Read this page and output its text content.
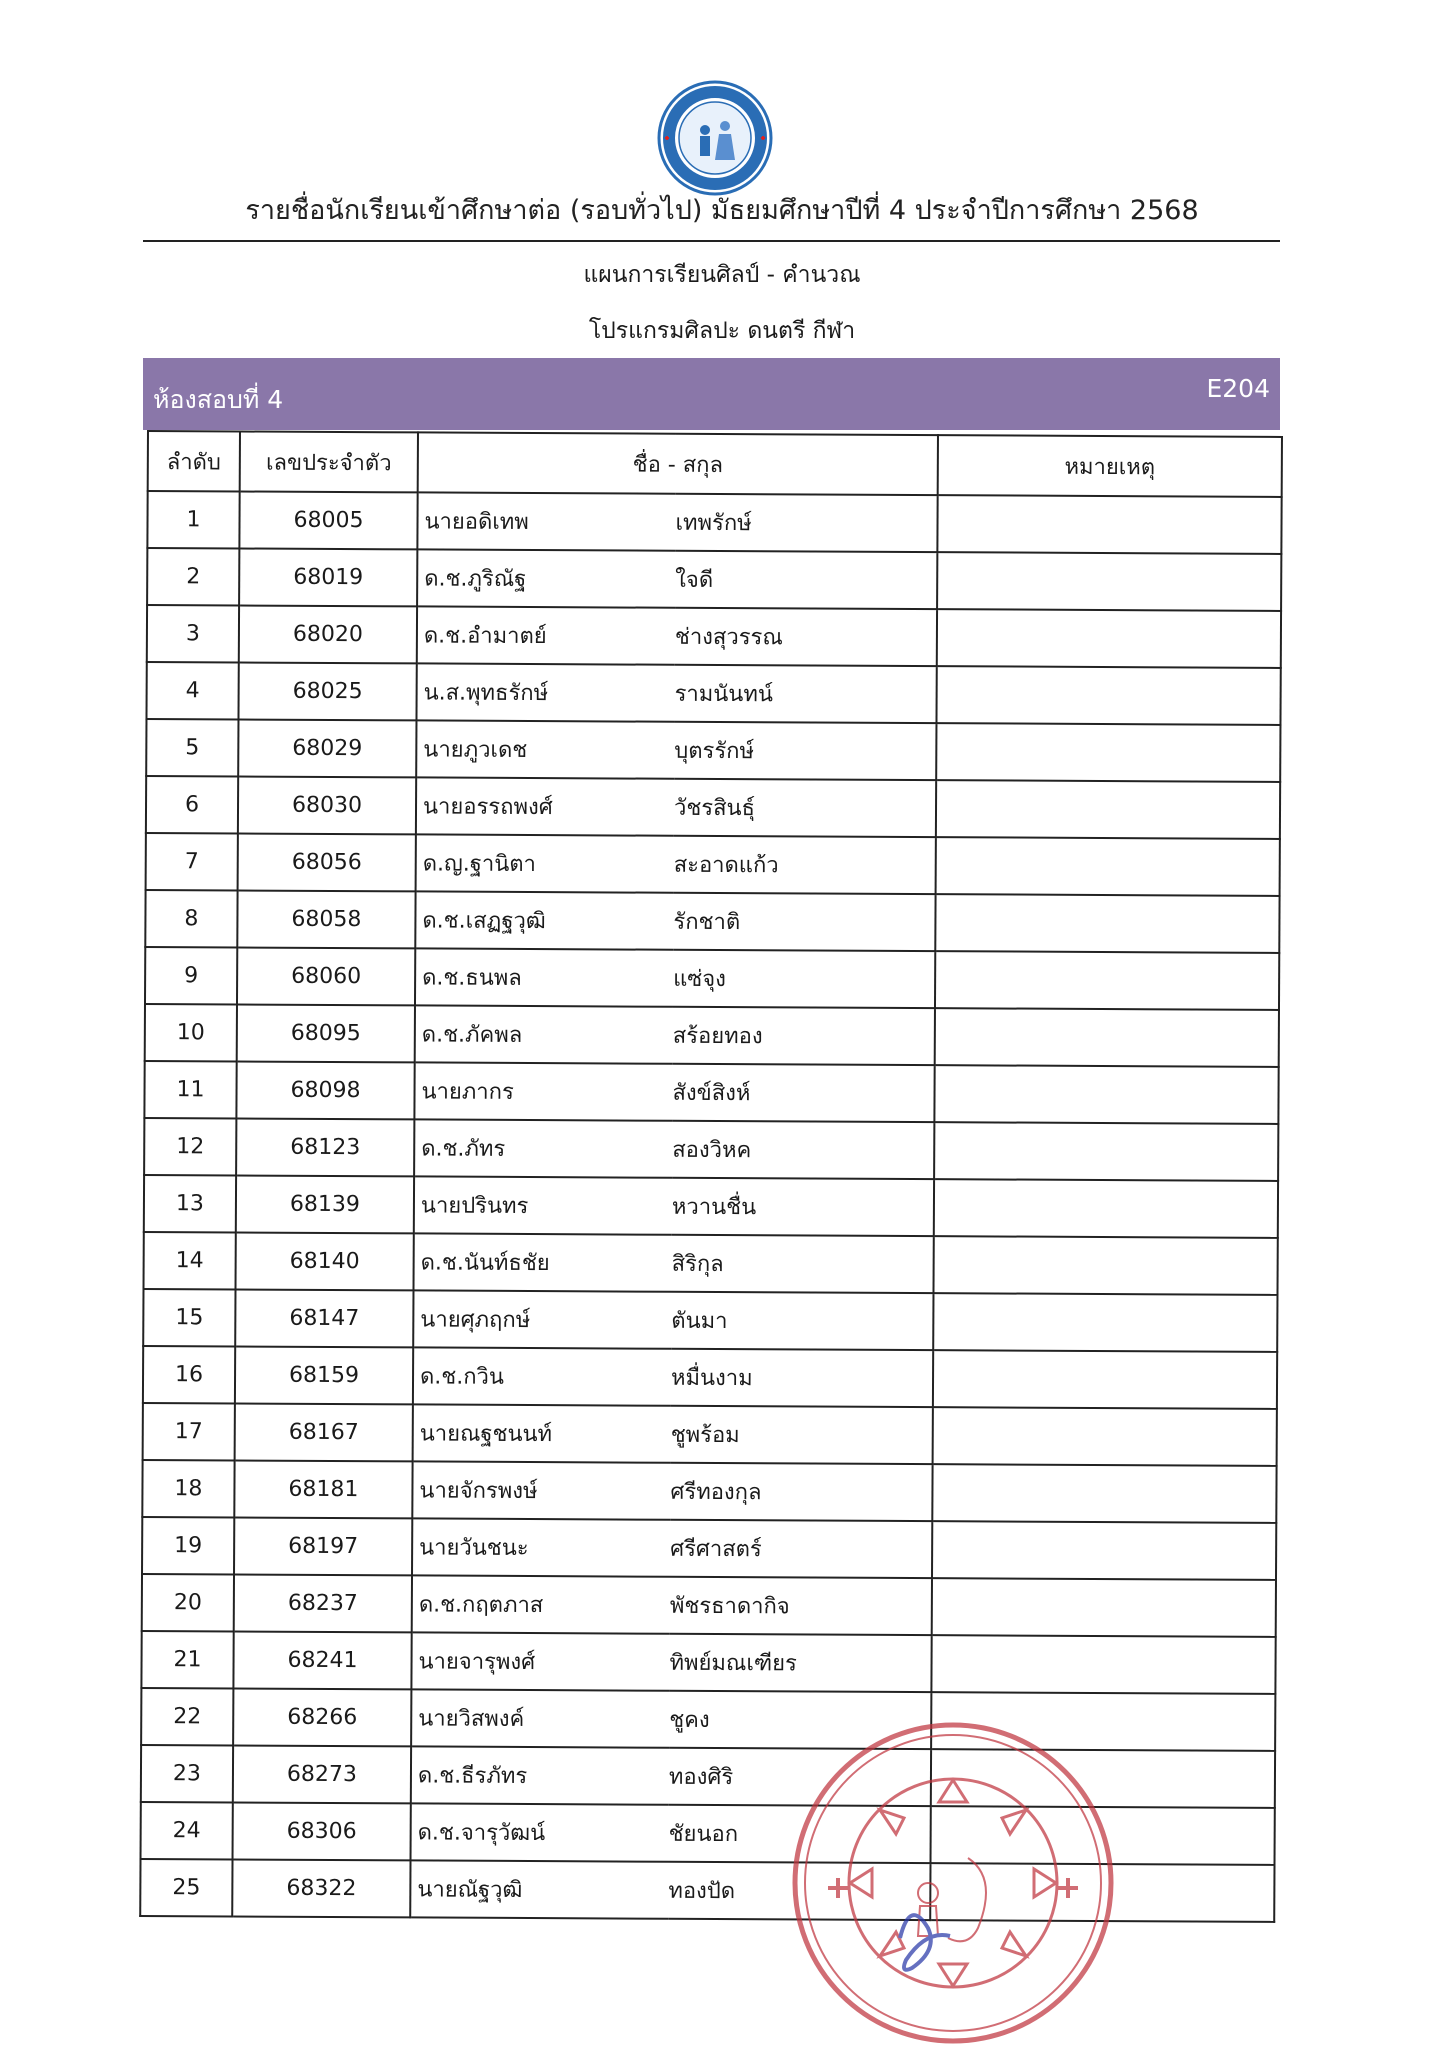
รายชื่อนักเรียนเข้าศึกษาต่อ (รอบทั่วไป) มัธยมศึกษาปีที่ 4 ประจำปีการศึกษา 2568
แผนการเรียนศิลป์ - คำนวณ
โปรแกรมศิลปะ ดนตรี กีฬา
ห้องสอบที่ 4	E204
ลำดับ	เลขประจำตัว	ชื่อ - สกุล		หมายเหตุ
1	68005	นายอดิเทพ	เทพรักษ์	
2	68019	ด.ช.ภูริณัฐ	ใจดี	
3	68020	ด.ช.อำมาตย์	ช่างสุวรรณ	
4	68025	น.ส.พุทธรักษ์	รามนันทน์	
5	68029	นายภูวเดช	บุตรรักษ์	
6	68030	นายอรรถพงศ์	วัชรสินธุ์	
7	68056	ด.ญ.ฐานิตา	สะอาดแก้ว	
8	68058	ด.ช.เสฏฐวุฒิ	รักชาติ	
9	68060	ด.ช.ธนพล	แซ่จุง	
10	68095	ด.ช.ภัคพล	สร้อยทอง	
11	68098	นายภากร	สังข์สิงห์	
12	68123	ด.ช.ภัทร	สองวิหค	
13	68139	นายปรินทร	หวานชื่น	
14	68140	ด.ช.นันท์ธชัย	สิริกุล	
15	68147	นายศุภฤกษ์	ตันมา	
16	68159	ด.ช.กวิน	หมื่นงาม	
17	68167	นายณฐชนนท์	ชูพร้อม	
18	68181	นายจักรพงษ์	ศรีทองกุล	
19	68197	นายวันชนะ	ศรีศาสตร์	
20	68237	ด.ช.กฤตภาส	พัชรธาดากิจ	
21	68241	นายจารุพงศ์	ทิพย์มณเฑียร	
22	68266	นายวิสพงค์	ชูคง	
23	68273	ด.ช.ธีรภัทร	ทองศิริ	
24	68306	ด.ช.จารุวัฒน์	ชัยนอก	
25	68322	นายณัฐวุฒิ	ทองปัด	
